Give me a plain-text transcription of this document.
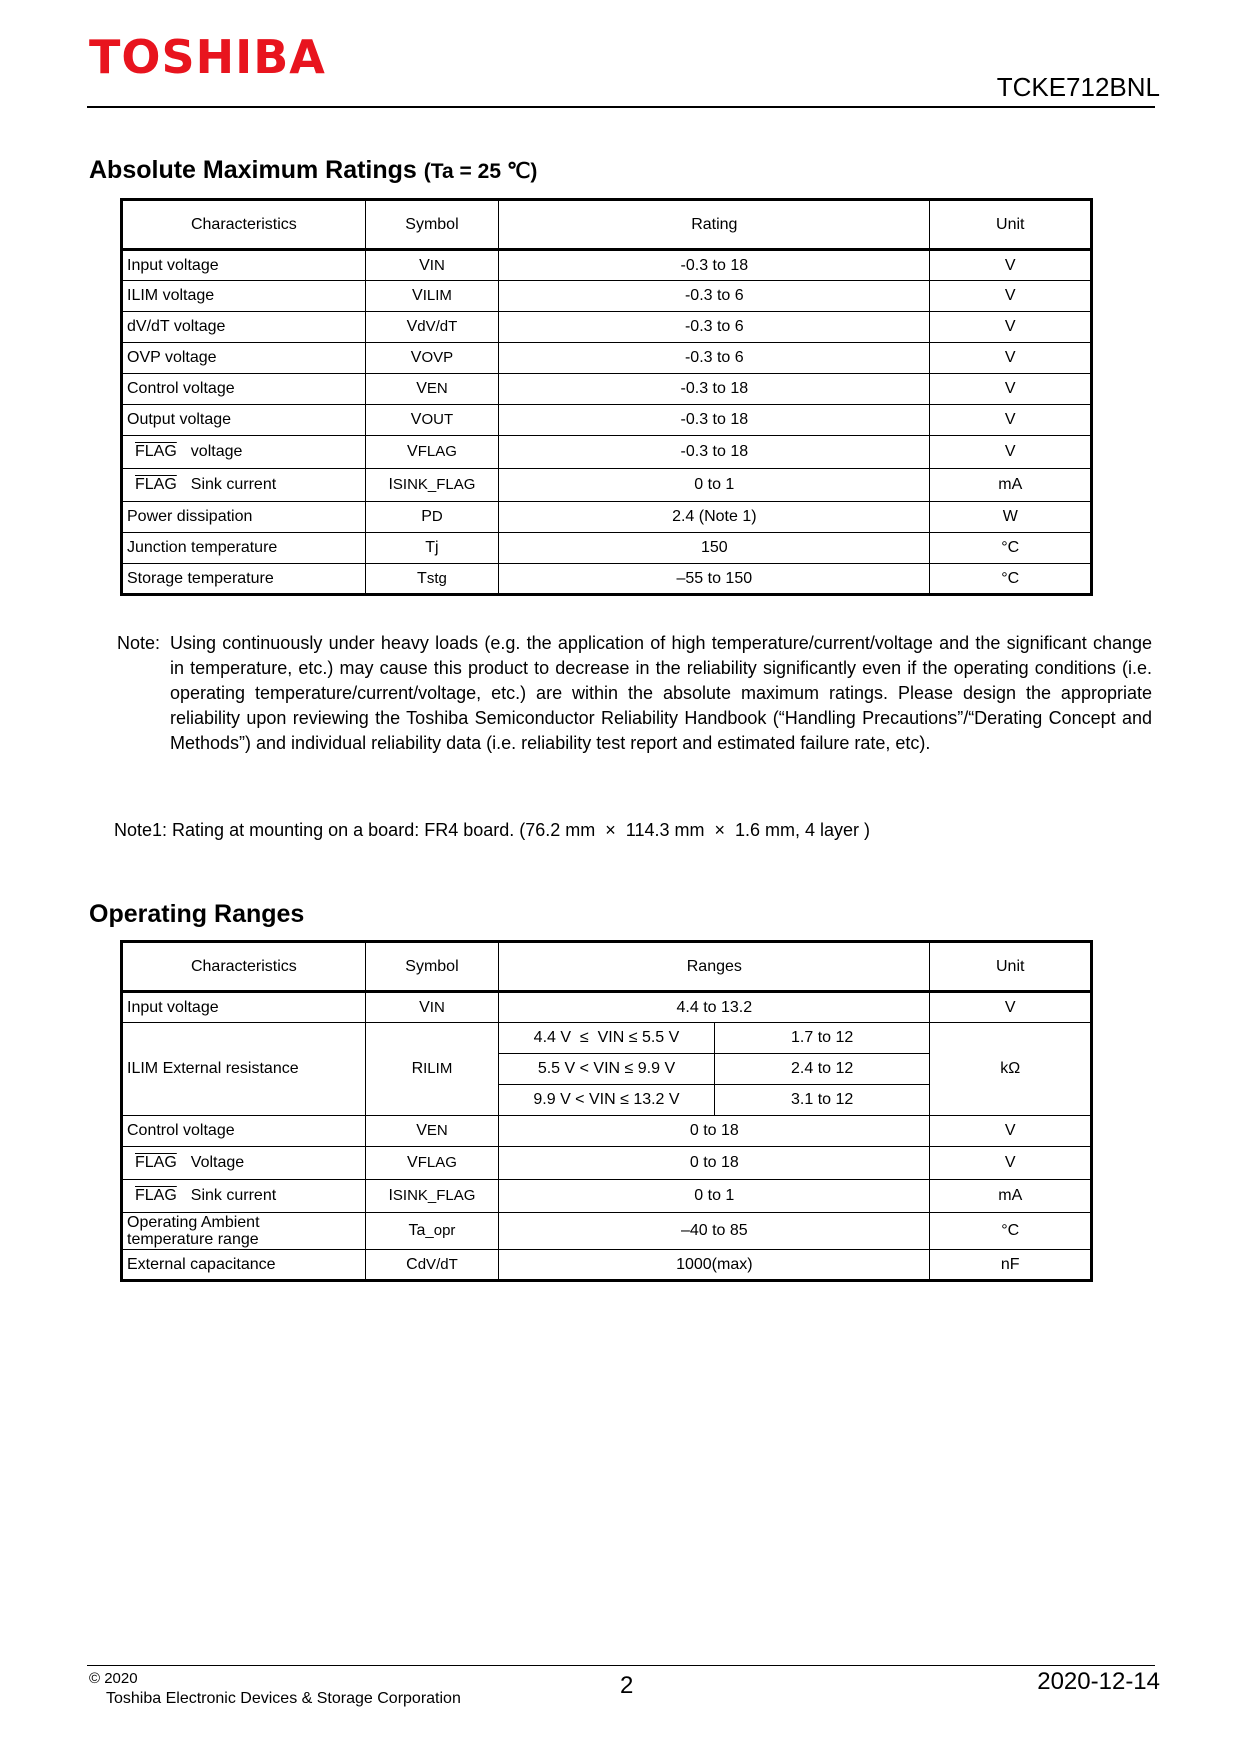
TOSHIBA
TCKE712BNL
Absolute Maximum Ratings (Ta = 25 ℃)
Characteristics	Symbol	Rating	Unit
Input voltage	VIN	-0.3 to 18	V
ILIM voltage	VILIM	-0.3 to 6	V
dV/dT voltage	VdV/dT	-0.3 to 6	V
OVP voltage	VOVP	-0.3 to 6	V
Control voltage	VEN	-0.3 to 18	V
Output voltage	VOUT	-0.3 to 18	V
FLAG voltage	VFLAG	-0.3 to 18	V
FLAG Sink current	ISINK_FLAG	0 to 1	mA
Power dissipation	PD	2.4 (Note 1)	W
Junction temperature	Tj	150	°C
Storage temperature	Tstg	–55 to 150	°C
Note: Using continuously under heavy loads (e.g. the application of high temperature/current/voltage and the significant change in temperature, etc.) may cause this product to decrease in the reliability significantly even if the operating conditions (i.e. operating temperature/current/voltage, etc.) are within the absolute maximum ratings. Please design the appropriate reliability upon reviewing the Toshiba Semiconductor Reliability Handbook (“Handling Precautions”/“Derating Concept and Methods”) and individual reliability data (i.e. reliability test report and estimated failure rate, etc).
Note1: Rating at mounting on a board: FR4 board. (76.2 mm  ×  114.3 mm  ×  1.6 mm, 4 layer )
Operating Ranges
Characteristics	Symbol	Ranges		Unit
Input voltage	VIN	4.4 to 13.2		V
ILIM External resistance	RILIM	4.4 V  ≤  VIN ≤ 5.5 V	1.7 to 12	kΩ
		5.5 V < VIN ≤ 9.9 V	2.4 to 12	
		9.9 V < VIN ≤ 13.2 V	3.1 to 12	
Control voltage	VEN	0 to 18		V
FLAG Voltage	VFLAG	0 to 18		V
FLAG Sink current	ISINK_FLAG	0 to 1		mA
Operating Ambient
temperature range	Ta_opr	–40 to 85		°C
External capacitance	CdV/dT	1000(max)		nF
© 2020
Toshiba Electronic Devices & Storage Corporation	2	2020-12-14
